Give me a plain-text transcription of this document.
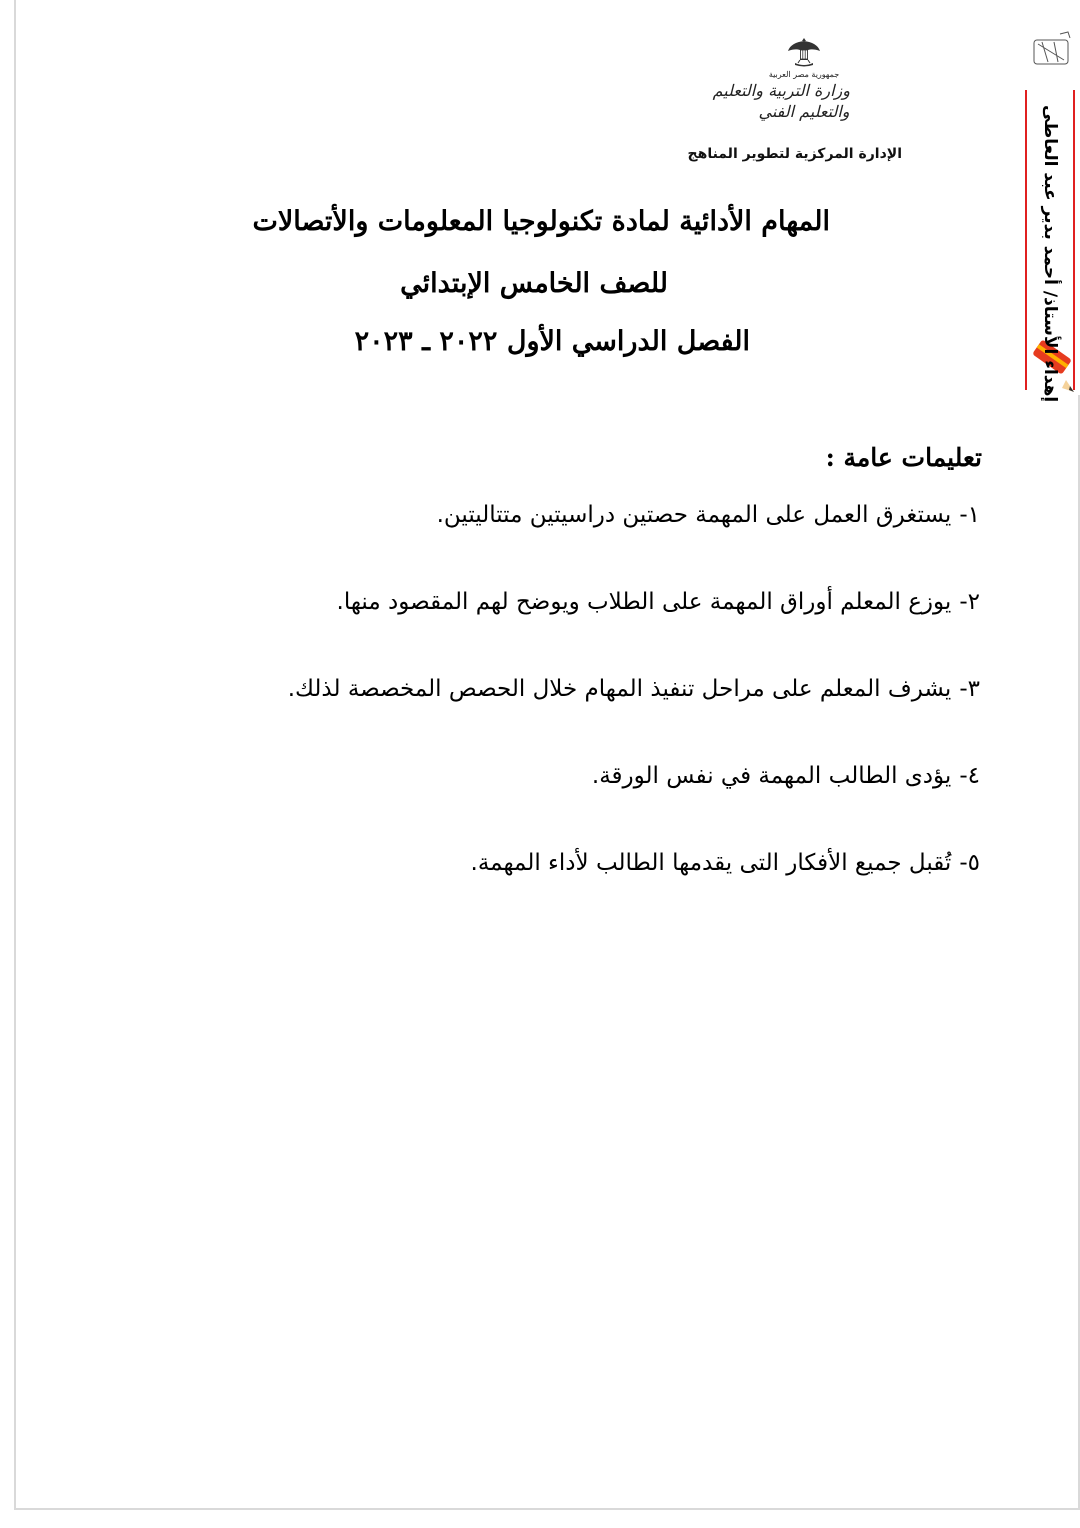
جمهورية مصر العربية
وزارة التربية والتعليم
والتعليم الفني
الإدارة المركزية لتطوير المناهج
المهام الأدائية لمادة تكنولوجيا المعلومات والأتصالات
للصف الخامس الإبتدائي
الفصل الدراسي الأول ٢٠٢٢ ـ ٢٠٢٣
تعليمات عامة :
١-يستغرق العمل على المهمة حصتين دراسيتين متتاليتين.
٢-يوزع المعلم أوراق المهمة على الطلاب ويوضح لهم المقصود منها.
٣-يشرف المعلم على مراحل تنفيذ المهام خلال الحصص المخصصة لذلك.
٤-يؤدى الطالب المهمة في نفس الورقة.
٥-تُقبل جميع الأفكار التى يقدمها الطالب لأداء المهمة.
إهداء الأستاذ/ أحمد بدير عبد العاطى
